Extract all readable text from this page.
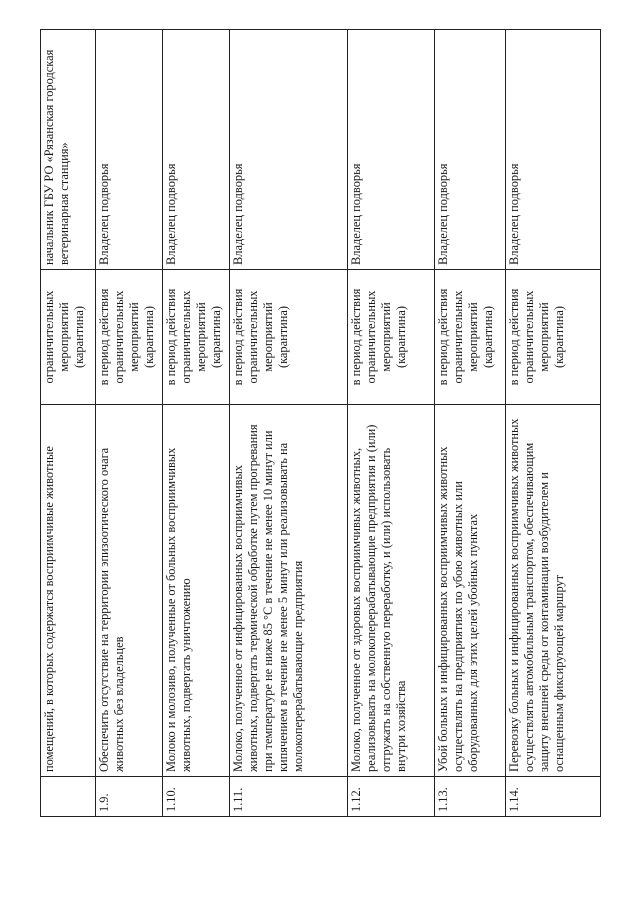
	помещений, в которых содержатся восприимчивые животные	ограничительных мероприятий (карантина)	начальник ГБУ РО «Рязанская городская ветеринарная станция»
1.9.	Обеспечить отсутствие на территории эпизоотического очага животных без владельцев	в период действия ограничительных мероприятий (карантина)	Владелец подворья
1.10.	Молоко и молозиво, полученные от больных восприимчивых животных, подвергать уничтожению	в период действия ограничительных мероприятий (карантина)	Владелец подворья
1.11.	Молоко, полученное от инфицированных восприимчивых животных, подвергать термической обработке путем прогревания при температуре не ниже 85 °С в течение не менее 10 минут или кипячением в течение не менее 5 минут или реализовывать на молокоперерабатывающие предприятия	в период действия ограничительных мероприятий (карантина)	Владелец подворья
1.12.	Молоко, полученное от здоровых восприимчивых животных, реализовывать на молокоперерабатывающие предприятия и (или) отгружать на собственную переработку, и (или) использовать внутри хозяйства	в период действия ограничительных мероприятий (карантина)	Владелец подворья
1.13.	Убой больных и инфицированных восприимчивых животных осуществлять на предприятиях по убою животных или оборудованных для этих целей убойных пунктах	в период действия ограничительных мероприятий (карантина)	Владелец подворья
1.14.	Перевозку больных и инфицированных восприимчивых животных осуществлять автомобильным транспортом, обеспечивающим защиту внешней среды от контаминации возбудителем и оснащенным фиксирующей маршрут	в период действия ограничительных мероприятий (карантина)	Владелец подворья
